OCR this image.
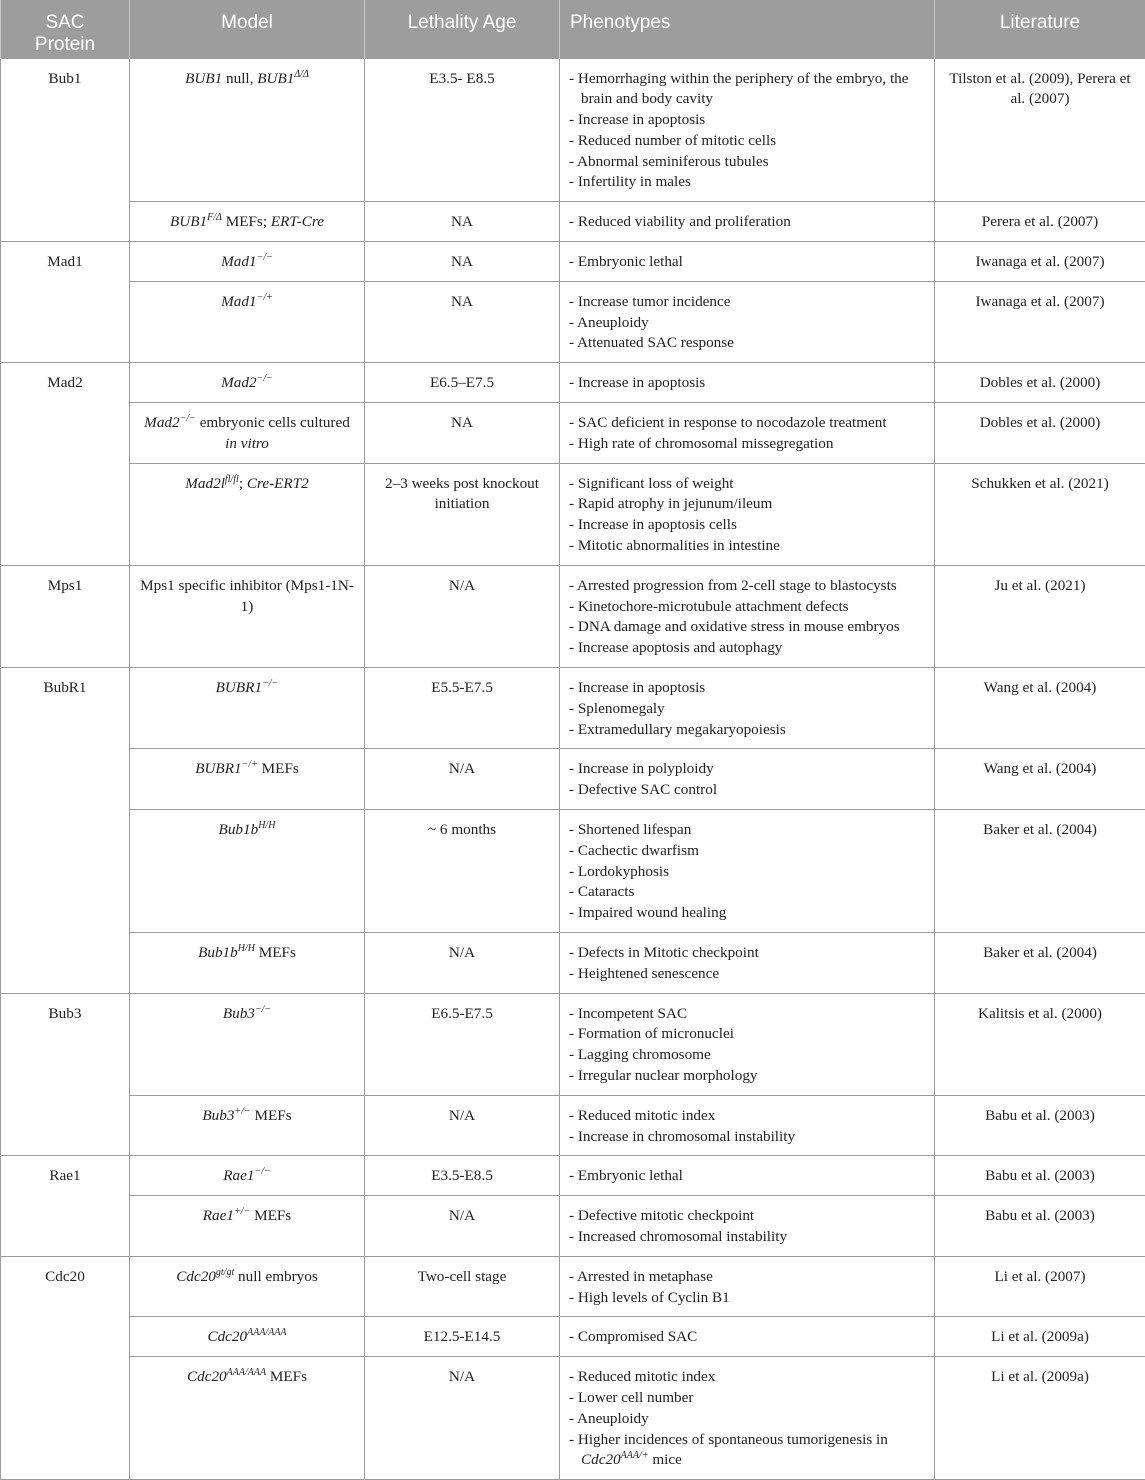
SAC Protein	Model	Lethality Age	Phenotypes	Literature
Bub1	BUB1 null, $BUB1^{\Delta/\Delta}$	E3.5- E8.5	- Hemorrhaging within the periphery of the embryo, the brain and body cavity
- Increase in apoptosis
- Reduced number of mitotic cells
- Abnormal seminiferous tubules
- Infertility in males	Tilston et al. (2009), Perera et al. (2007)
	$BUB1^{F/\Delta}$ MEFs; ERT-Cre	NA	- Reduced viability and proliferation	Perera et al. (2007)
Mad1	Mad1−/−	NA	- Embryonic lethal	Iwanaga et al. (2007)
	Mad1−/+	NA	- Increase tumor incidence
- Aneuploidy
- Attenuated SAC response	Iwanaga et al. (2007)
Mad2	Mad2−/−	E6.5–E7.5	- Increase in apoptosis	Dobles et al. (2000)
	Mad2−/− embryonic cells cultured in vitro	NA	- SAC deficient in response to nocodazole treatment
- High rate of chromosomal missegregation	Dobles et al. (2000)
	$Mad2l^{fl/fl}$; Cre-ERT2	2–3 weeks post knockout initiation	- Significant loss of weight
- Rapid atrophy in jejunum/ileum
- Increase in apoptosis cells
- Mitotic abnormalities in intestine	Schukken et al. (2021)
Mps1	Mps1 specific inhibitor (Mps1-1N-1)	N/A	- Arrested progression from 2-cell stage to blastocysts
- Kinetochore-microtubule attachment defects
- DNA damage and oxidative stress in mouse embryos
- Increase apoptosis and autophagy	Ju et al. (2021)
BubR1	BUBR1−/−	E5.5-E7.5	- Increase in apoptosis
- Splenomegaly
- Extramedullary megakaryopoiesis	Wang et al. (2004)
	BUBR1−/+ MEFs	N/A	- Increase in polyploidy
- Defective SAC control	Wang et al. (2004)
	$Bub1b^{H/H}$	~ 6 months	- Shortened lifespan
- Cachectic dwarfism
- Lordokyphosis
- Cataracts
- Impaired wound healing	Baker et al. (2004)
	$Bub1b^{H/H}$ MEFs	N/A	- Defects in Mitotic checkpoint
- Heightened senescence	Baker et al. (2004)
Bub3	Bub3−/−	E6.5-E7.5	- Incompetent SAC
- Formation of micronuclei
- Lagging chromosome
- Irregular nuclear morphology	Kalitsis et al. (2000)
	Bub3+/− MEFs	N/A	- Reduced mitotic index
- Increase in chromosomal instability	Babu et al. (2003)
Rae1	Rae1−/−	E3.5-E8.5	- Embryonic lethal	Babu et al. (2003)
	Rae1+/− MEFs	N/A	- Defective mitotic checkpoint
- Increased chromosomal instability	Babu et al. (2003)
Cdc20	$Cdc20^{gt/gt}$ null embryos	Two-cell stage	- Arrested in metaphase
- High levels of Cyclin B1	Li et al. (2007)
	$Cdc20^{AAA/AAA}$	E12.5-E14.5	- Compromised SAC	Li et al. (2009a)
	$Cdc20^{AAA/AAA}$ MEFs	N/A	- Reduced mitotic index
- Lower cell number
- Aneuploidy
- Higher incidences of spontaneous tumorigenesis in $Cdc20^{AAA/+}$ mice	Li et al. (2009a)
